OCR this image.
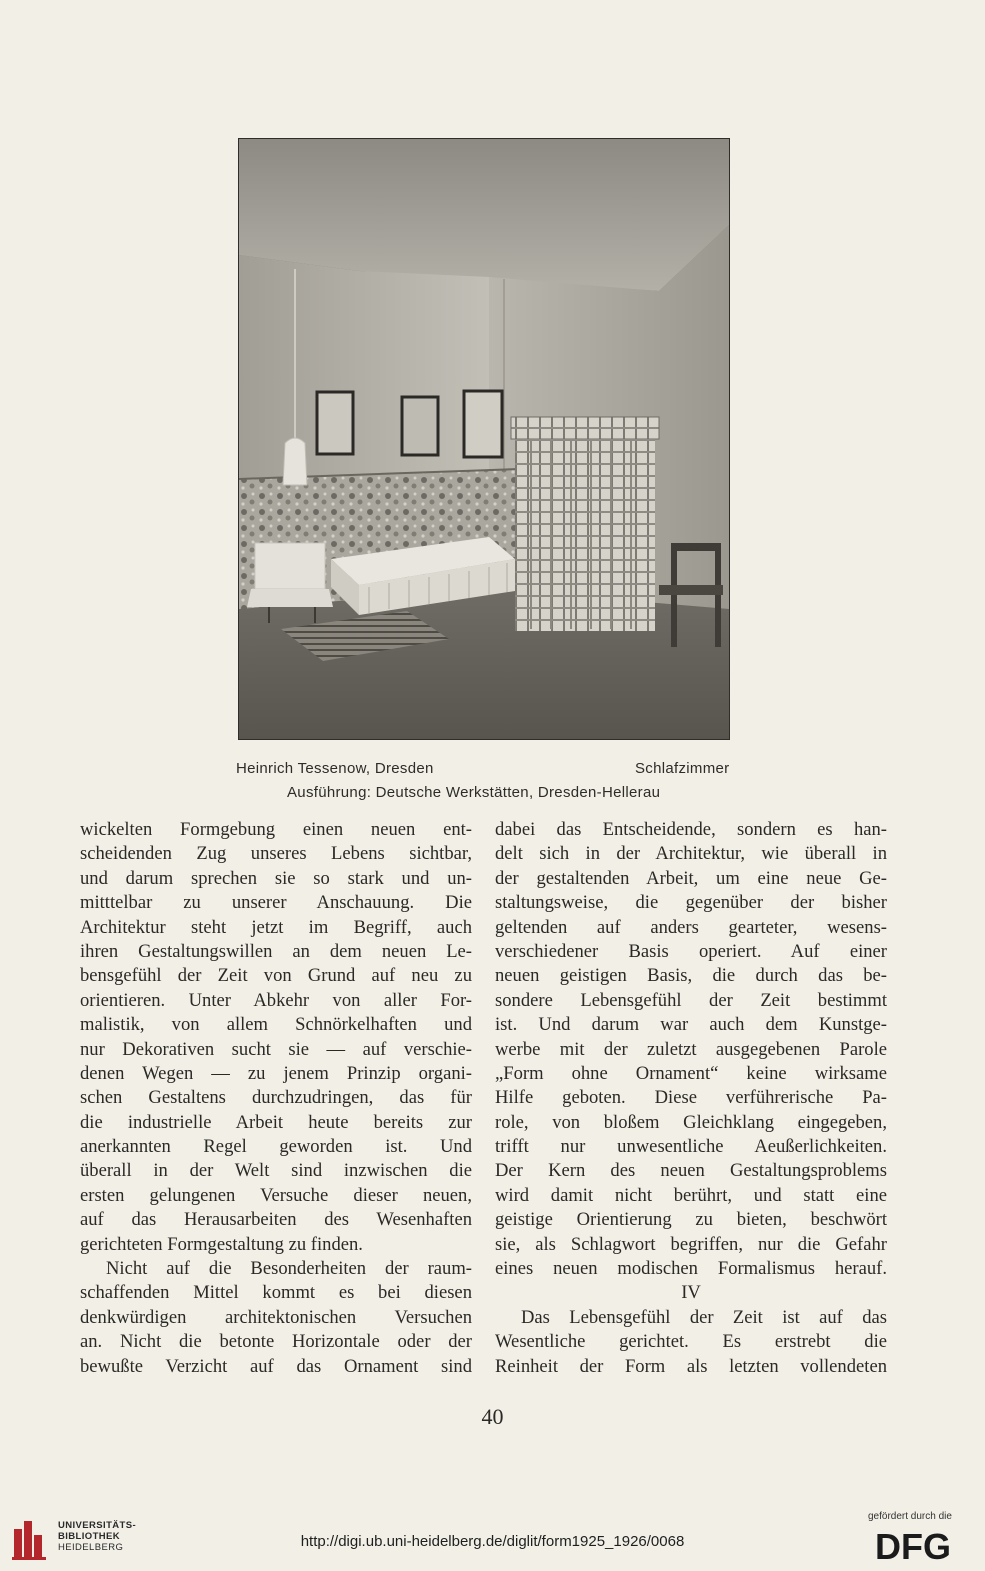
Heinrich Tessenow, Dresden	Schlafzimmer
Ausführung: Deutsche Werkstätten, Dresden-Hellerau

wickelten Formgebung einen neuen ent-
scheidenden Zug unseres Lebens sichtbar,
und darum sprechen sie so stark und un-
mitttelbar zu unserer Anschauung. Die
Architektur steht jetzt im Begriff, auch
ihren Gestaltungswillen an dem neuen Le-
bensgefühl der Zeit von Grund auf neu zu
orientieren. Unter Abkehr von aller For-
malistik, von allem Schnörkelhaften und
nur Dekorativen sucht sie — auf verschie-
denen Wegen — zu jenem Prinzip organi-
schen Gestaltens durchzudringen, das für
die industrielle Arbeit heute bereits zur
anerkannten Regel geworden ist. Und
überall in der Welt sind inzwischen die
ersten gelungenen Versuche dieser neuen,
auf das Herausarbeiten des Wesenhaften
gerichteten Formgestaltung zu finden.

Nicht auf die Besonderheiten der raum-
schaffenden Mittel kommt es bei diesen
denkwürdigen architektonischen Versuchen
an. Nicht die betonte Horizontale oder der
bewußte Verzicht auf das Ornament sind

dabei das Entscheidende, sondern es han-
delt sich in der Architektur, wie überall in
der gestaltenden Arbeit, um eine neue Ge-
staltungsweise, die gegenüber der bisher
geltenden auf anders gearteter, wesens-
verschiedener Basis operiert. Auf einer
neuen geistigen Basis, die durch das be-
sondere Lebensgefühl der Zeit bestimmt
ist. Und darum war auch dem Kunstge-
werbe mit der zuletzt ausgegebenen Parole
„Form ohne Ornament“ keine wirksame
Hilfe geboten. Diese verführerische Pa-
role, von bloßem Gleichklang eingegeben,
trifft nur unwesentliche Aeußerlichkeiten.
Der Kern des neuen Gestaltungsproblems
wird damit nicht berührt, und statt eine
geistige Orientierung zu bieten, beschwört
sie, als Schlagwort begriffen, nur die Gefahr
eines neuen modischen Formalismus herauf.

IV

Das Lebensgefühl der Zeit ist auf das
Wesentliche gerichtet. Es erstrebt die
Reinheit der Form als letzten vollendeten

40
UNIVERSITÄTS-
BIBLIOTHEK
HEIDELBERG	http://digi.ub.uni-heidelberg.de/diglit/form1925_1926/0068
gefördert durch die
DFG
